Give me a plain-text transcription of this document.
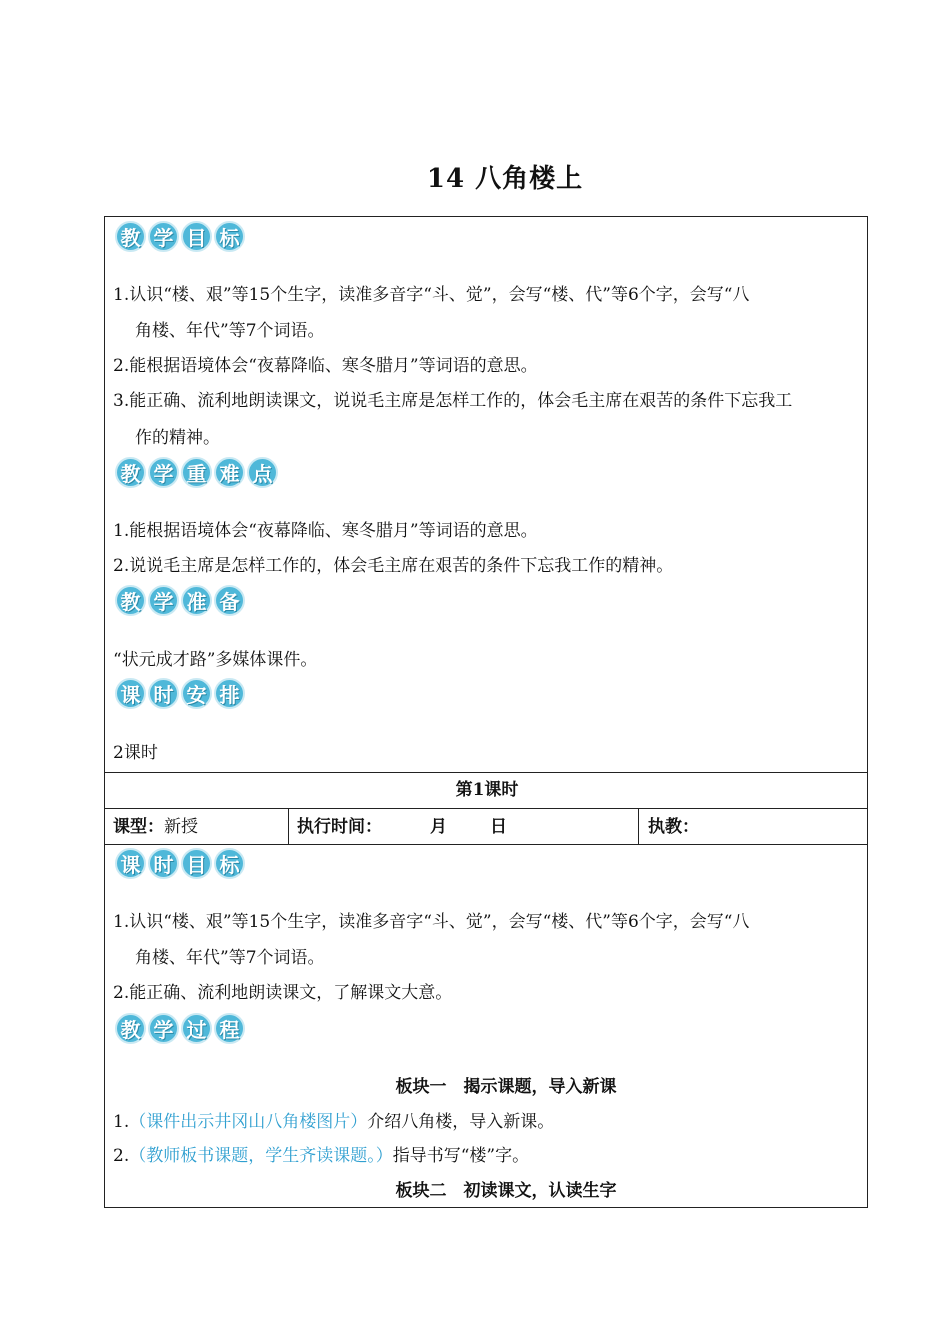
14 八角楼上
教 学 目 标
1.认识“楼、艰”等15个生字，读准多音字“斗、觉”，会写“楼、代”等6个字，会写“八
角楼、年代”等7个词语。
2.能根据语境体会“夜幕降临、寒冬腊月”等词语的意思。
3.能正确、流利地朗读课文，说说毛主席是怎样工作的，体会毛主席在艰苦的条件下忘我工
作的精神。
教 学 重 难 点
1.能根据语境体会“夜幕降临、寒冬腊月”等词语的意思。
2.说说毛主席是怎样工作的，体会毛主席在艰苦的条件下忘我工作的精神。
教 学 准 备
“状元成才路”多媒体课件。
课 时 安 排
2课时
第1课时
课型：新授	执行时间：	月	日	执教：
课 时 目 标
1.认识“楼、艰”等15个生字，读准多音字“斗、觉”，会写“楼、代”等6个字，会写“八
角楼、年代”等7个词语。
2.能正确、流利地朗读课文，了解课文大意。
教 学 过 程
板块一　揭示课题，导入新课
1.（课件出示井冈山八角楼图片）介绍八角楼，导入新课。
2.（教师板书课题，学生齐读课题。）指导书写“楼”字。
板块二　初读课文，认读生字
